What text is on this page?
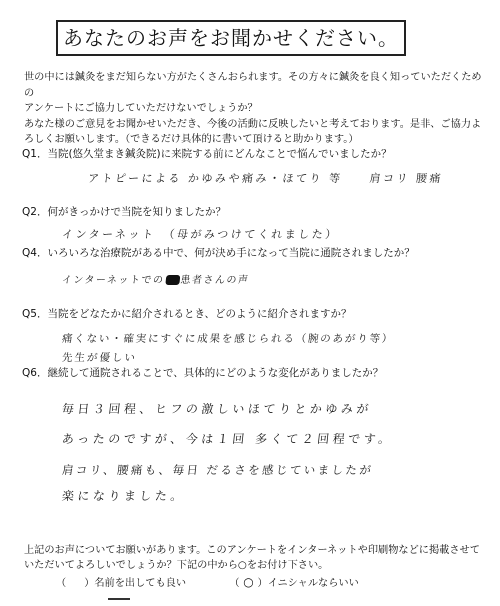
あなたのお声をお聞かせください。
世の中には鍼灸をまだ知らない方がたくさんおられます。その方々に鍼灸を良く知っていただくための
アンケートにご協力していただけないでしょうか？
あなた様のご意見をお聞かせいただき、今後の活動に反映したいと考えております。是非、ご協力よ
ろしくお願いします。（できるだけ具体的に書いて頂けると助かります。）
Q1．当院(悠久堂まき鍼灸院)に来院する前にどんなことで悩んでいましたか？
アトピーによる かゆみや痛み・ほてり 等　　肩コリ 腰痛
Q2．何がきっかけで当院を知りましたか？
インターネット　（母がみつけてくれました）
Q4．いろいろな治療院がある中で、何が決め手になって当院に通院されましたか？
インターネットでの 患者さんの声
Q5．当院をどなたかに紹介されるとき、どのように紹介されますか？
痛くない・確実にすぐに成果を感じられる（腕のあがり等）
先生が優しい
Q6．継続して通院されることで、具体的にどのような変化がありましたか？
毎日３回程、ヒフの激しいほてりとかゆみが
あったのですが、今は１回 多くて２回程です。
肩コリ、腰痛も、毎日 だるさを感じていましたが
楽になりました。
上記のお声についてお願いがあります。このアンケートをインターネットや印刷物などに掲載させて
いただいてよろしいでしょうか？下記の中から○をお付け下さい。
（ ）名前を出しても良い	（ ○ ）イニシャルならいい
